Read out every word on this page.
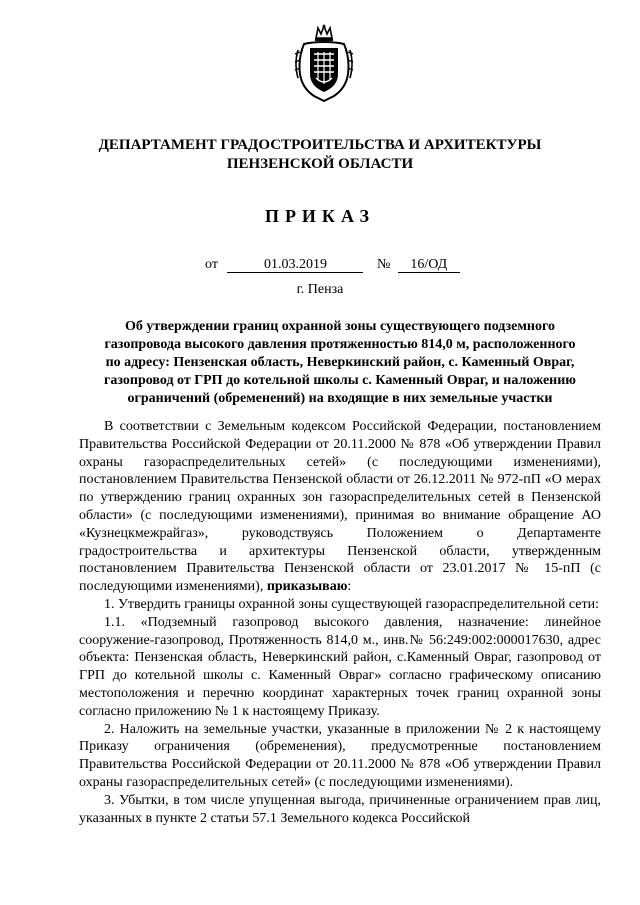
ДЕПАРТАМЕНТ ГРАДОСТРОИТЕЛЬСТВА И АРХИТЕКТУРЫ
ПЕНЗЕНСКОЙ ОБЛАСТИ
ПРИКАЗ
от	01.03.2019	№ 16/ОД
г. Пенза
Об утверждении границ охранной зоны существующего подземного
газопровода высокого давления протяженностью 814,0 м, расположенного
по адресу: Пензенская область, Неверкинский район, с. Каменный Овраг,
газопровод от ГРП до котельной школы с. Каменный Овраг, и наложению
ограничений (обременений) на входящие в них земельные участки

В соответствии с Земельным кодексом Российской Федерации, постановлением Правительства Российской Федерации от 20.11.2000 № 878 «Об утверждении Правил охраны газораспределительных сетей» (с последующими изменениями), постановлением Правительства Пензенской области от 26.12.2011 № 972-пП «О мерах по утверждению границ охранных зон газораспределительных сетей в Пензенской области» (с последующими изменениями), принимая во внимание обращение АО «Кузнецкмежрайгаз», руководствуясь Положением о Департаменте градостроительства и архитектуры Пензенской области, утвержденным постановлением Правительства Пензенской области от 23.01.2017 № 15-пП (с последующими изменениями), приказываю:

1. Утвердить границы охранной зоны существующей газораспределительной сети:

1.1. «Подземный газопровод высокого давления, назначение: линейное сооружение-газопровод, Протяженность 814,0 м., инв.№ 56:249:002:000017630, адрес объекта: Пензенская область, Неверкинский район, с.Каменный Овраг, газопровод от ГРП до котельной школы с. Каменный Овраг» согласно графическому описанию местоположения и перечню координат характерных точек границ охранной зоны согласно приложению № 1 к настоящему Приказу.

2. Наложить на земельные участки, указанные в приложении № 2 к настоящему Приказу ограничения (обременения), предусмотренные постановлением Правительства Российской Федерации от 20.11.2000 № 878 «Об утверждении Правил охраны газораспределительных сетей» (с последующими изменениями).

3. Убытки, в том числе упущенная выгода, причиненные ограничением прав лиц, указанных в пункте 2 статьи 57.1 Земельного кодекса Российской
